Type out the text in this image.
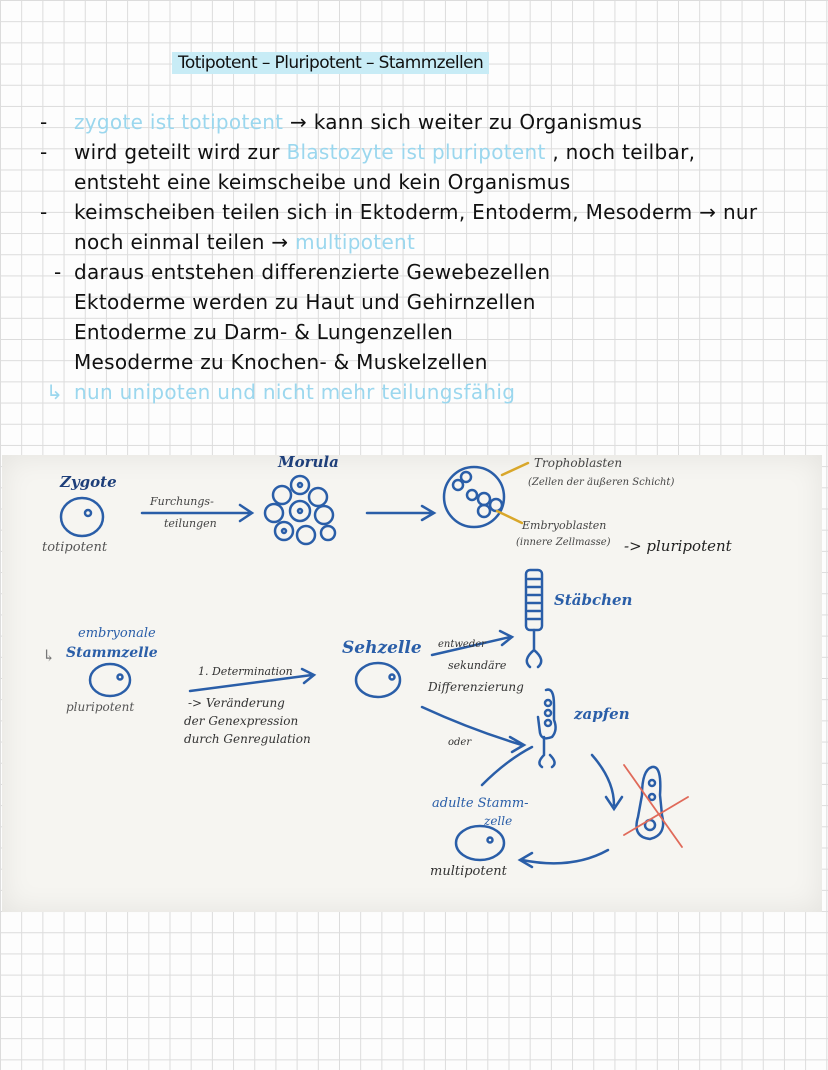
Totipotent – Pluripotent – Stammzellen
- zygote ist totipotent → kann sich weiter zu Organismus
- wird geteilt wird zur Blastozyte ist pluripotent , noch teilbar,
entsteht eine keimscheibe und kein Organismus
- keimscheiben teilen sich in Ektoderm, Entoderm, Mesoderm → nur
noch einmal teilen → multipotent
- daraus entstehen differenzierte Gewebezellen
Ektoderme werden zu Haut und Gehirnzellen
Entoderme zu Darm- & Lungenzellen
Mesoderme zu Knochen- & Muskelzellen
↳ nun unipoten und nicht mehr teilungsfähig
Zygote
totipotent
Furchungs-
teilungen
Morula	Trophoblasten
(Zellen der äußeren Schicht)
Embryoblasten
(innere Zellmasse) -> pluripotent
embryonale
↳ Stammzelle
pluripotent
1. Determination
-> Veränderung
der Genexpression
durch Genregulation
Sehzelle entweder
sekundäre
Differenzierung
oder
Stäbchen
zapfen
adulte Stamm-
zelle
multipotent
